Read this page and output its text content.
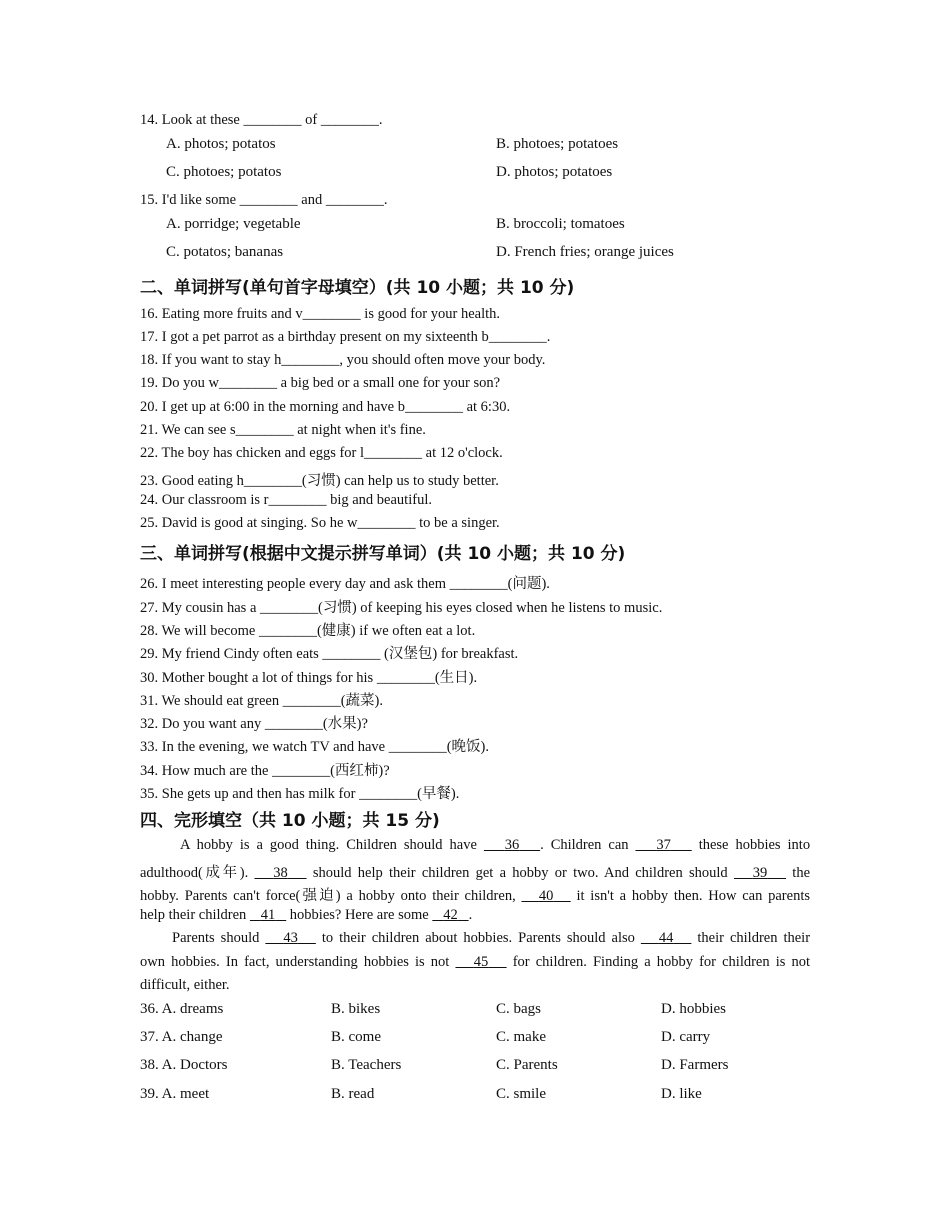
14. Look at these ________ of ________.
A. photos; potatos	B. photoes; potatoes
C. photoes; potatos	D. photos; potatoes
15. I'd like some ________ and ________.
A. porridge; vegetable	B. broccoli; tomatoes
C. potatos; bananas	D. French fries; orange juices
二、单词拼写(单句首字母填空）(共 10 小题；共 10 分)
16. Eating more fruits and v________ is good for your health.
17. I got a pet parrot as a birthday present on my sixteenth b________.
18. If you want to stay h________, you should often move your body.
19. Do you w________ a big bed or a small one for your son?
20. I get up at 6:00 in the morning and have b________ at 6:30.
21. We can see s________ at night when it's fine.
22. The boy has chicken and eggs for l________ at 12 o'clock.
23. Good eating h________(习惯) can help us to study better.
24. Our classroom is r________ big and beautiful.
25. David is good at singing. So he w________ to be a singer.
三、单词拼写(根据中文提示拼写单词）(共 10 小题；共 10 分)
26. I meet interesting people every day and ask them ________(问题).
27. My cousin has a ________(习惯) of keeping his eyes closed when he listens to music.
28. We will become ________(健康) if we often eat a lot.
29. My friend Cindy often eats ________ (汉堡包) for breakfast.
30. Mother bought a lot of things for his ________(生日).
31. We should eat green ________(蔬菜).
32. Do you want any ________(水果)?
33. In the evening, we watch TV and have ________(晚饭).
34. How much are the ________(西红柿)?
35. She gets up and then has milk for ________(早餐).
四、完形填空（共 10 小题；共 15 分)
A hobby is a good thing. Children should have 36 . Children can 37 these hobbies into
adulthood(成年). 38 should help their children get a hobby or two. And children should 39 the
hobby. Parents can't force(强迫) a hobby onto their children, 40 it isn't a hobby then. How can parents
help their children 41 hobbies? Here are some 42 .
Parents should 43 to their children about hobbies. Parents should also 44 their children their
own hobbies. In fact, understanding hobbies is not 45 for children. Finding a hobby for children is not
difficult, either.
36. A. dreams	B. bikes	C. bags	D. hobbies
37. A. change	B. come	C. make	D. carry
38. A. Doctors	B. Teachers	C. Parents	D. Farmers
39. A. meet	B. read	C. smile	D. like
